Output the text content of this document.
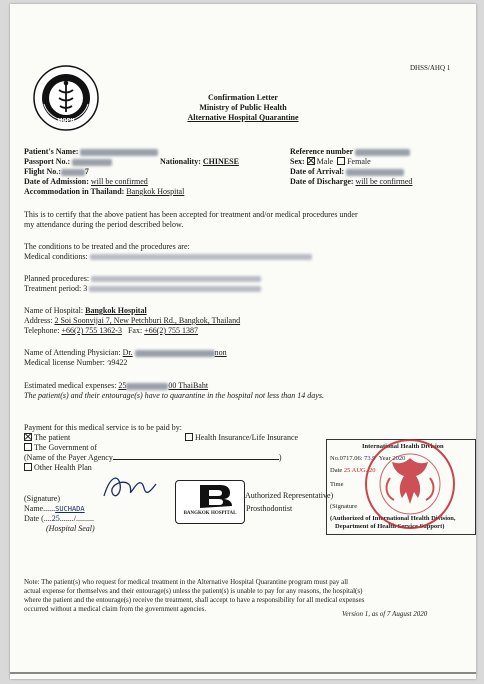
DHSS/AHQ 1
MOPH
Confirmation Letter
Ministry of Public Health
Alternative Hospital Quarantine
Patient's Name:
Passport No.:	Nationality: CHINESE
Flight No.:	7
Date of Admission: will be confirmed
Accommodation in Thailand: Bangkok Hospital
Reference number
Sex: Male Female
Date of Arrival:
Date of Discharge: will be confirmed
This is to certify that the above patient has been accepted for treatment and/or medical procedures under
my attendance during the period described below.
The conditions to be treated and the procedures are:
Medical conditions:
Planned procedures:
Treatment period: 3
Name of Hospital: Bangkok Hospital
Address: 2 Soi Soonvijai 7, New Petchburi Rd., Bangkok, Thailand
Telephone: +66(2) 755 1362-3 Fax: +66(2) 755 1387
Name of Attending Physician: Dr.	non
Medical license Number: ว9422
Estimated medical expenses: 25	00 ThaiBaht
The patient(s) and their entourage(s) have to quarantine in the hospital not less than 14 days.
Payment for this medical service is to be paid by:
The patient	Health Insurance/Life Insurance
The Government of
(Name of the Payer Agency	)
Other Health Plan
BANGKOK HOSPITAL
(Signature)	Authorized Representative)
Name......SUCHADA	Prosthodontist
Date (....25......./.........
(Hospital Seal)
International Health Division
No.0717.06: 73.9 Year 2020
Date 25 AUG. 20
Time
(Signature
(Authorized of International Health Division,
Department of Health Service Support)
Note: The patient(s) who request for medical treatment in the Alternative Hospital Quarantine program must pay all
actual expense for themselves and their entourage(s) unless the patient(s) is unable to pay for any reasons, the hospital(s)
where the patient and the entourage(s) receive the treatment, shall accept to have a responsibility for all medical expenses
occurred without a medical claim from the government agencies.
Version 1, as of 7 August 2020
